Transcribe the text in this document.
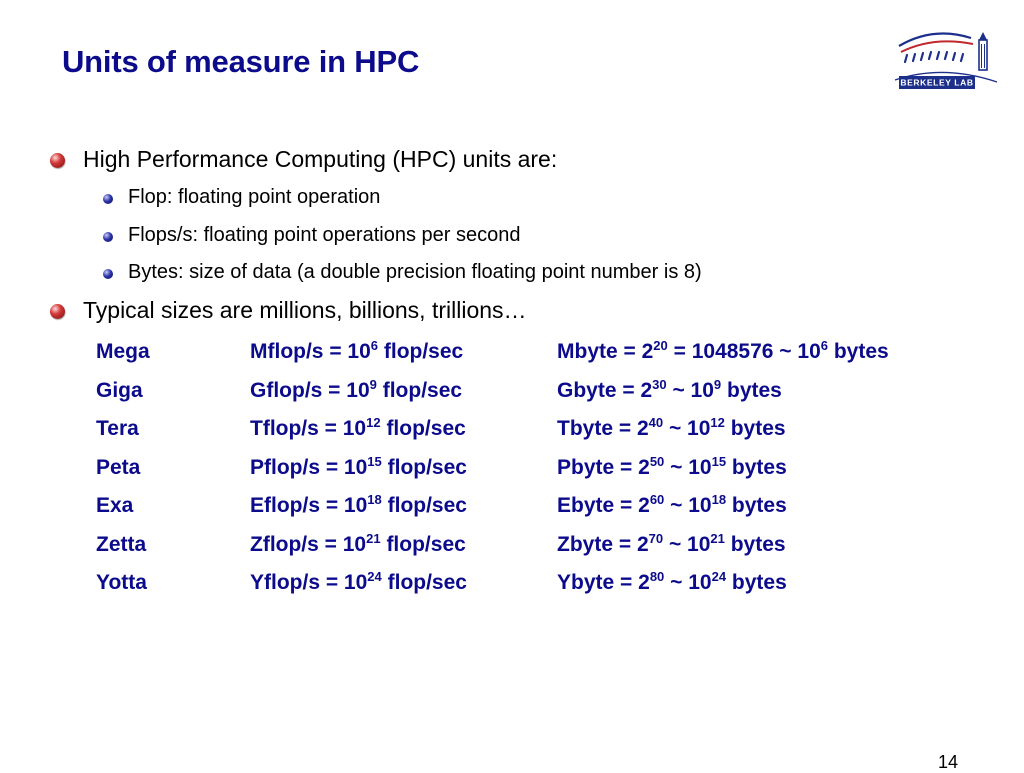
Units of measure in HPC
BERKELEY LAB
High Performance Computing (HPC) units are:
Flop: floating point operation
Flops/s: floating point operations per second
Bytes: size of data (a double precision floating point number is 8)
Typical sizes are millions, billions, trillions…
Mega	Mflop/s = $10^6$ flop/sec	Mbyte = $2^{20} = 1048576$ ~ $10^6$ bytes
Giga	Gflop/s = $10^9$ flop/sec	Gbyte = $2^{30}$ ~ $10^9$ bytes
Tera	Tflop/s = $10^{12}$ flop/sec	Tbyte = $2^{40}$ ~ $10^{12}$ bytes
Peta	Pflop/s = $10^{15}$ flop/sec	Pbyte = $2^{50}$ ~ $10^{15}$ bytes
Exa	Eflop/s = $10^{18}$ flop/sec	Ebyte = $2^{60}$ ~ $10^{18}$ bytes
Zetta	Zflop/s = $10^{21}$ flop/sec	Zbyte = $2^{70}$ ~ $10^{21}$ bytes
Yotta	Yflop/s = $10^{24}$ flop/sec	Ybyte = $2^{80}$ ~ $10^{24}$ bytes
14
